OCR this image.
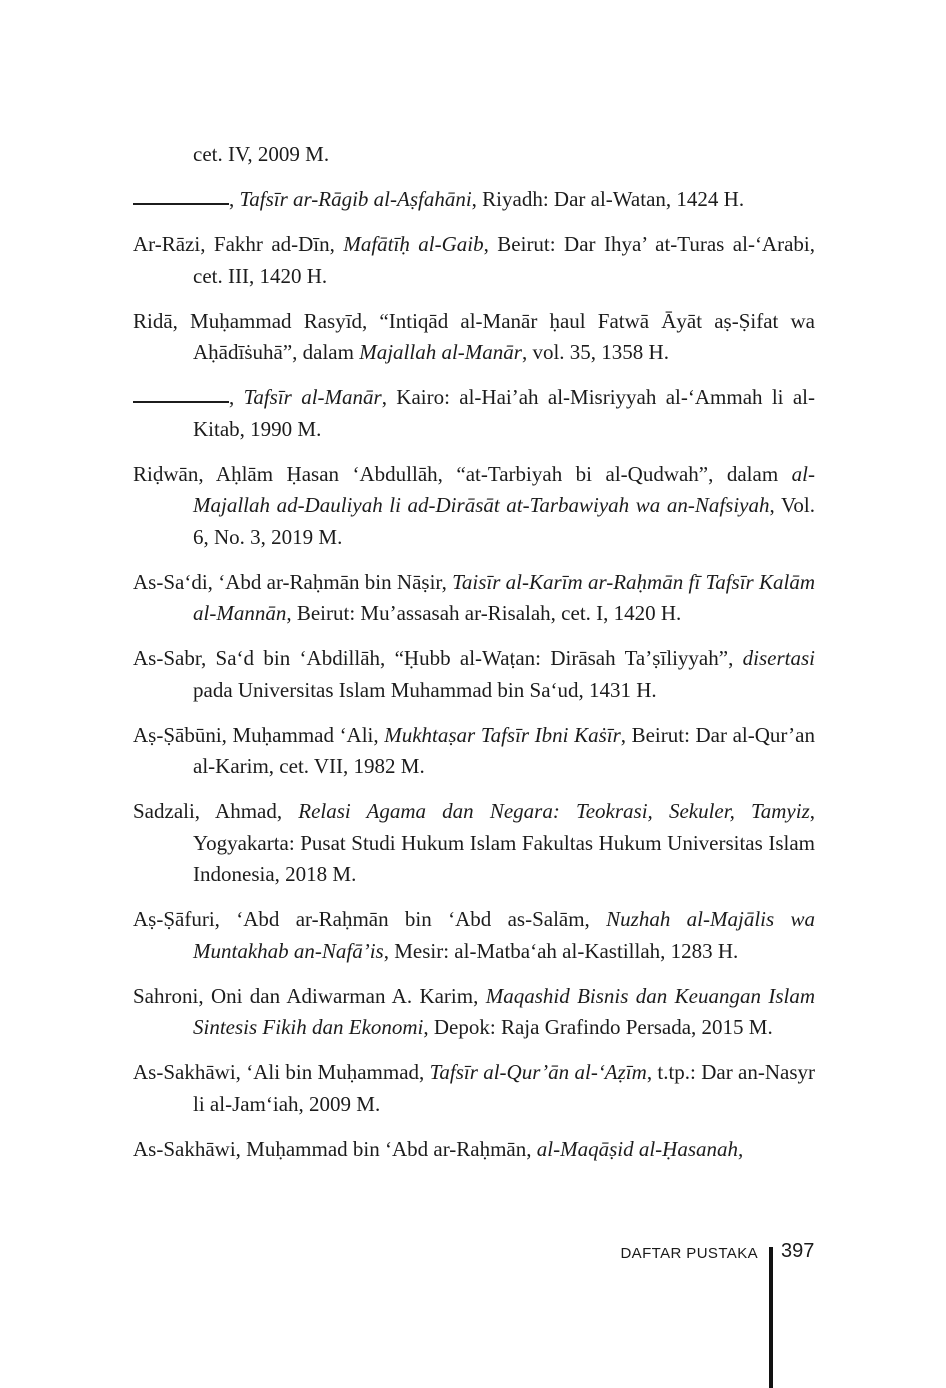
cet. IV, 2009 M.

, Tafsīr ar-Rāgib al-Aṣfahāni, Riyadh: Dar al-Watan, 1424 H.

Ar-Rāzi, Fakhr ad-Dīn, Mafātīḥ al-Gaib, Beirut: Dar Ihya’ at-Turas al-‘Arabi, cet. III, 1420 H.

Ridā, Muḥammad Rasyīd, “Intiqād al-Manār ḥaul Fatwā Āyāt aṣ-Ṣifat wa Aḥādīṡuhā”, dalam Majallah al-Manār, vol. 35, 1358 H.

, Tafsīr al-Manār, Kairo: al-Hai’ah al-Misriyyah al-‘Ammah li al-Kitab, 1990 M.

Riḍwān, Aḥlām Ḥasan ‘Abdullāh, “at-Tarbiyah bi al-Qudwah”, dalam al-Majallah ad-Dauliyah li ad-Dirāsāt at-Tarbawiyah wa an-Nafsiyah, Vol. 6, No. 3, 2019 M.

As-Sa‘di, ‘Abd ar-Raḥmān bin Nāṣir, Taisīr al-Karīm ar-Raḥmān fī Tafsīr Kalām al-Mannān, Beirut: Mu’assasah ar-Risalah, cet. I, 1420 H.

As-Sabr, Sa‘d bin ‘Abdillāh, “Ḥubb al-Waṭan: Dirāsah Ta’ṣīliyyah”, disertasi pada Universitas Islam Muhammad bin Sa‘ud, 1431 H.

Aṣ-Ṣābūni, Muḥammad ‘Ali, Mukhtaṣar Tafsīr Ibni Kaṡīr, Beirut: Dar al-Qur’an al-Karim, cet. VII, 1982 M.

Sadzali, Ahmad, Relasi Agama dan Negara: Teokrasi, Sekuler, Tamyiz, Yogyakarta: Pusat Studi Hukum Islam Fakultas Hukum Universitas Islam Indonesia, 2018 M.

Aṣ-Ṣāfuri, ‘Abd ar-Raḥmān bin ‘Abd as-Salām, Nuzhah al-Majālis wa Muntakhab an-Nafā’is, Mesir: al-Matba‘ah al-Kastillah, 1283 H.

Sahroni, Oni dan Adiwarman A. Karim, Maqashid Bisnis dan Keuangan Islam Sintesis Fikih dan Ekonomi, Depok: Raja Grafindo Persada, 2015 M.

As-Sakhāwi, ‘Ali bin Muḥammad, Tafsīr al-Qur’ān al-‘Aẓīm, t.tp.: Dar an-Nasyr li al-Jam‘iah, 2009 M.

As-Sakhāwi, Muḥammad bin ‘Abd ar-Raḥmān, al-Maqāṣid al-Ḥasanah,

DAFTAR PUSTAKA 397
